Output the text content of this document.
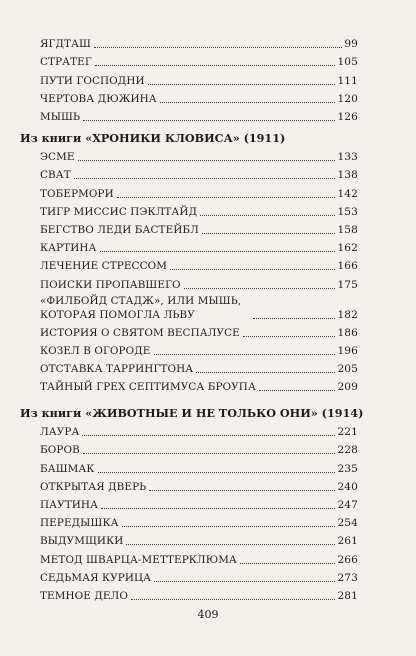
ЯГДТАШ	99
СТРАТЕГ	105
ПУТИ ГОСПОДНИ	111
ЧЕРТОВА ДЮЖИНА	120
МЫШЬ	126
Из книги «ХРОНИКИ КЛОВИСА» (1911)
ЭСМЕ	133
СВАТ	138
ТОБЕРМОРИ	142
ТИГР МИССИС ПЭКЛТАЙД	153
БЕГСТВО ЛЕДИ БАСТЕЙБЛ	158
КАРТИНА	162
ЛЕЧЕНИЕ СТРЕССОМ	166
ПОИСКИ ПРОПАВШЕГО	175
«ФИЛБОЙД СТАДЖ», ИЛИ МЫШЬ, КОТОРАЯ ПОМОГЛА ЛЬВУ	182
ИСТОРИЯ О СВЯТОМ ВЕСПАЛУСЕ	186
КОЗЕЛ В ОГОРОДЕ	196
ОТСТАВКА ТАРРИНГТОНА	205
ТАЙНЫЙ ГРЕХ СЕПТИМУСА БРОУПА	209
Из книги «ЖИВОТНЫЕ И НЕ ТОЛЬКО ОНИ» (1914)
ЛАУРА	221
БОРОВ	228
БАШМАК	235
ОТКРЫТАЯ ДВЕРЬ	240
ПАУТИНА	247
ПЕРЕДЫШКА	254
ВЫДУМЩИКИ	261
МЕТОД ШВАРЦА-МЕТТЕРКЛЮМА	266
СЕДЬМАЯ КУРИЦА	273
ТЕМНОЕ ДЕЛО	281
409
